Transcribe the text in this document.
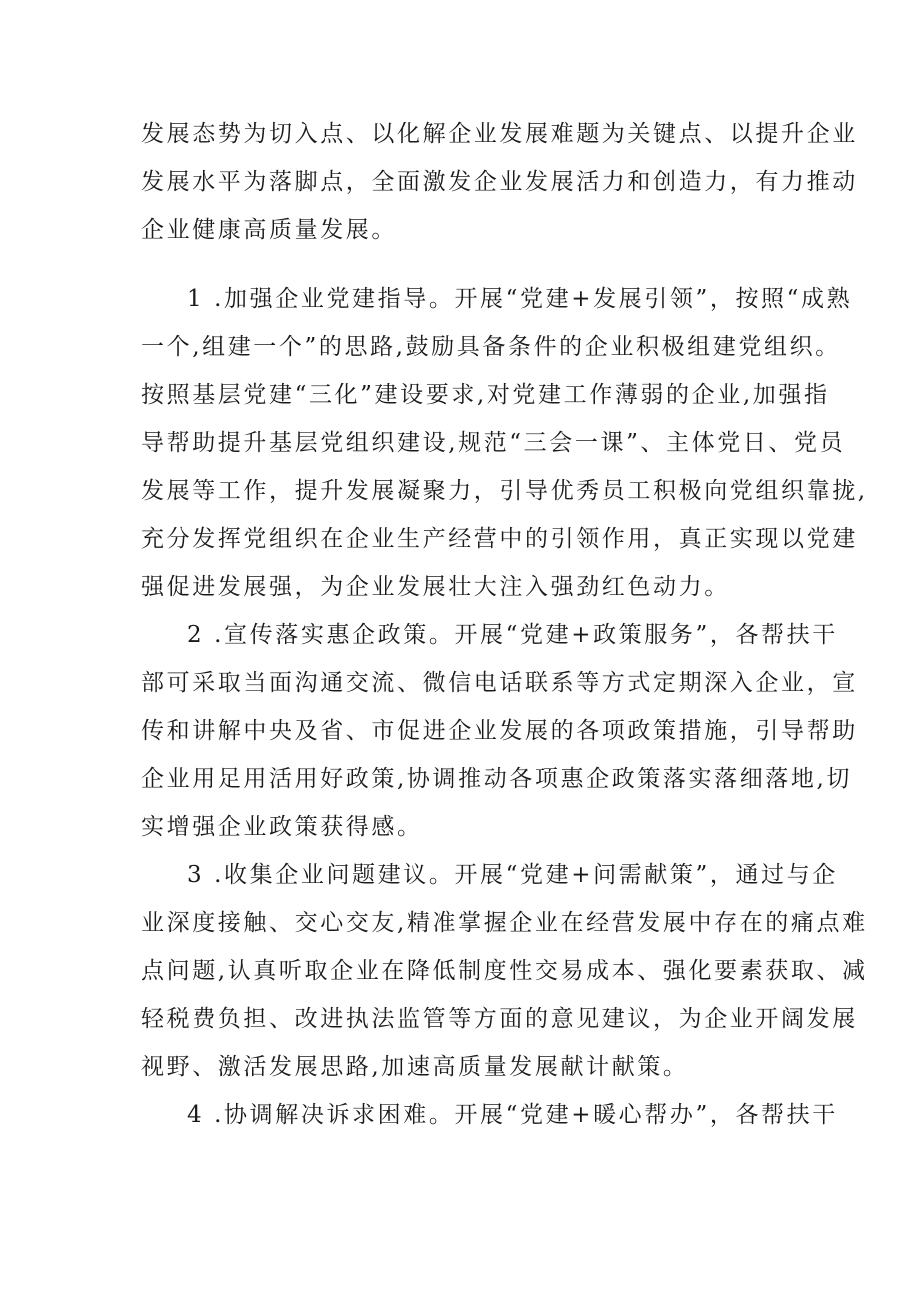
发展态势为切入点、以化解企业发展难题为关键点、以提升企业
发展水平为落脚点，全面激发企业发展活力和创造力，有力推动
企业健康高质量发展。
1 .加强企业党建指导。开展“党建+发展引领”，按照“成熟
一个,组建一个”的思路,鼓励具备条件的企业积极组建党组织。
按照基层党建“三化”建设要求,对党建工作薄弱的企业,加强指
导帮助提升基层党组织建设,规范“三会一课”、主体党日、党员
发展等工作，提升发展凝聚力，引导优秀员工积极向党组织靠拢,
充分发挥党组织在企业生产经营中的引领作用，真正实现以党建
强促进发展强，为企业发展壮大注入强劲红色动力。
2 .宣传落实惠企政策。开展“党建+政策服务”，各帮扶干
部可采取当面沟通交流、微信电话联系等方式定期深入企业，宣
传和讲解中央及省、市促进企业发展的各项政策措施，引导帮助
企业用足用活用好政策,协调推动各项惠企政策落实落细落地,切
实增强企业政策获得感。
3 .收集企业问题建议。开展“党建+问需献策”，通过与企
业深度接触、交心交友,精准掌握企业在经营发展中存在的痛点难
点问题,认真听取企业在降低制度性交易成本、强化要素获取、减
轻税费负担、改进执法监管等方面的意见建议，为企业开阔发展
视野、激活发展思路,加速高质量发展献计献策。
4 .协调解决诉求困难。开展“党建+暖心帮办”，各帮扶干
